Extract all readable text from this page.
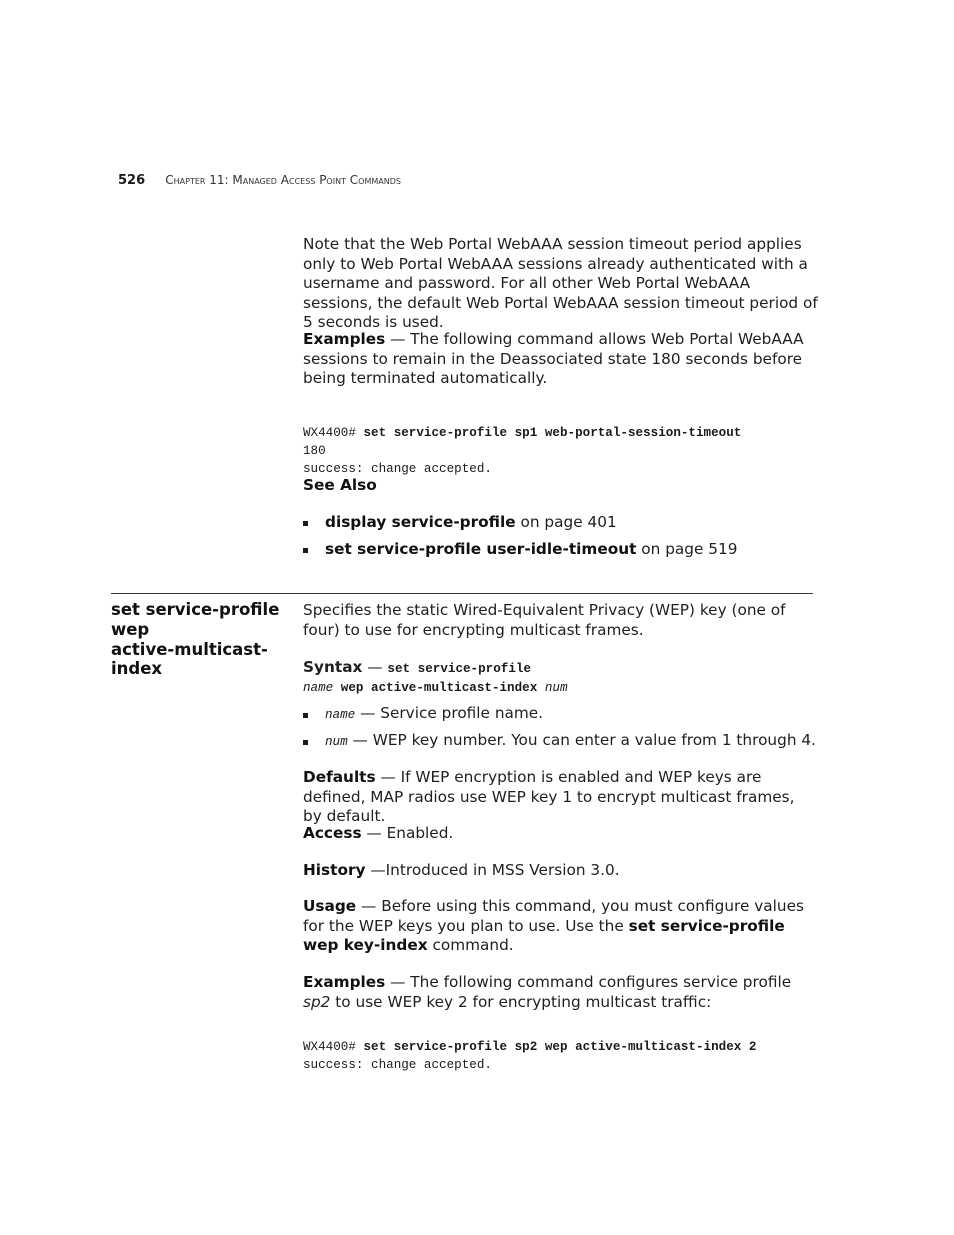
526 Chapter 11: Managed Access Point Commands
Note that the Web Portal WebAAA session timeout period applies only to Web Portal WebAAA sessions already authenticated with a username and password. For all other Web Portal WebAAA sessions, the default Web Portal WebAAA session timeout period of 5 seconds is used.
Examples — The following command allows Web Portal WebAAA sessions to remain in the Deassociated state 180 seconds before being terminated automatically.

WX4400# set service-profile sp1 web-portal-session-timeout
180
success: change accepted.

See Also
display service-profile on page 401
set service-profile user-idle-timeout on page 519
set service-profile
wep
active-multicast-
index
Specifies the static Wired-Equivalent Privacy (WEP) key (one of four) to use for encrypting multicast frames.
Syntax — set service-profile
name wep active-multicast-index num
name — Service profile name.
num — WEP key number. You can enter a value from 1 through 4.
Defaults — If WEP encryption is enabled and WEP keys are defined, MAP radios use WEP key 1 to encrypt multicast frames, by default.
Access — Enabled.
History —Introduced in MSS Version 3.0.
Usage — Before using this command, you must configure values for the WEP keys you plan to use. Use the set service-profile wep key-index command.
Examples — The following command configures service profile sp2 to use WEP key 2 for encrypting multicast traffic:

WX4400# set service-profile sp2 wep active-multicast-index 2
success: change accepted.
